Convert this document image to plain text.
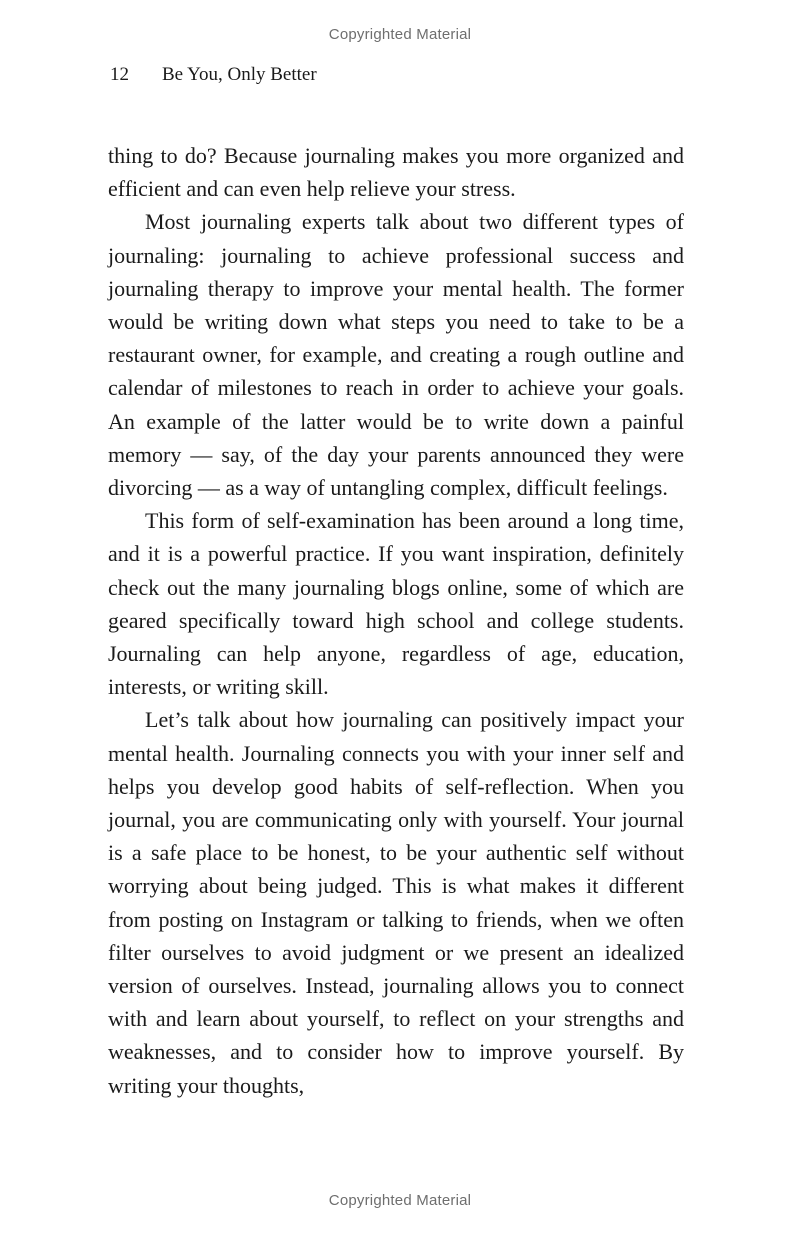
Copyrighted Material
12 Be You, Only Better

thing to do? Because journaling makes you more organized and efficient and can even help relieve your stress.

Most journaling experts talk about two different types of journaling: journaling to achieve professional success and journaling therapy to improve your mental health. The former would be writing down what steps you need to take to be a restaurant owner, for example, and creating a rough outline and calendar of milestones to reach in order to achieve your goals. An example of the latter would be to write down a painful memory — say, of the day your parents announced they were divorcing — as a way of untangling complex, difficult feelings.

This form of self-examination has been around a long time, and it is a powerful practice. If you want inspiration, definitely check out the many journaling blogs online, some of which are geared specifically toward high school and college students. Journaling can help anyone, regardless of age, education, interests, or writing skill.

Let’s talk about how journaling can positively impact your mental health. Journaling connects you with your inner self and helps you develop good habits of self-reflection. When you journal, you are communicating only with yourself. Your journal is a safe place to be honest, to be your authentic self without worrying about being judged. This is what makes it different from posting on Instagram or talking to friends, when we often filter ourselves to avoid judgment or we present an idealized version of ourselves. Instead, journaling allows you to connect with and learn about yourself, to reflect on your strengths and weaknesses, and to consider how to improve yourself. By writing your thoughts,

Copyrighted Material
